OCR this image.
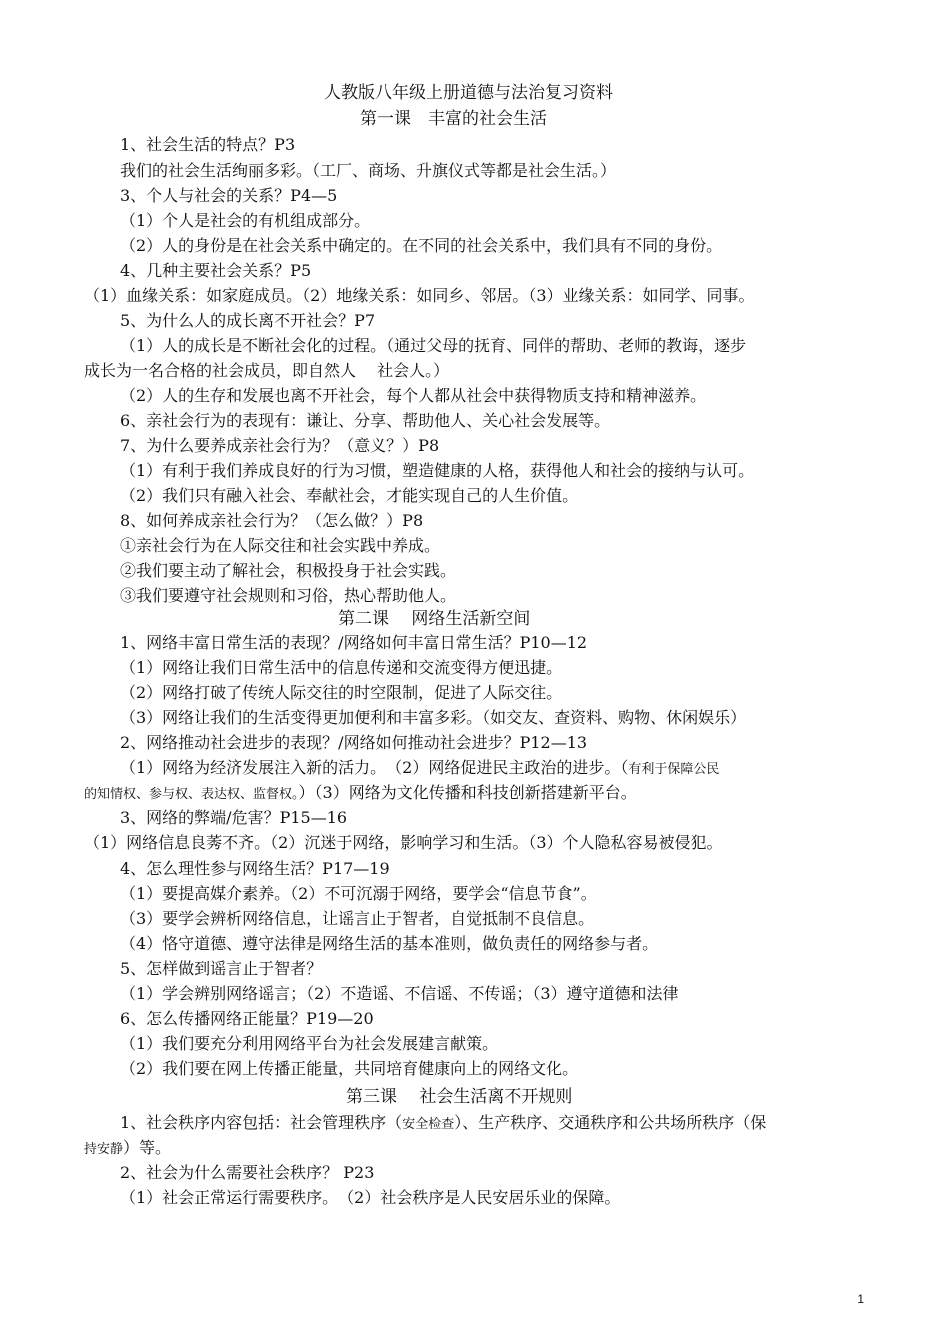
人教版八年级上册道德与法治复习资料
第一课　丰富的社会生活
1、社会生活的特点？P3
我们的社会生活绚丽多彩。（工厂、商场、升旗仪式等都是社会生活。）
3、个人与社会的关系？P4—5
（1）个人是社会的有机组成部分。
（2）人的身份是在社会关系中确定的。在不同的社会关系中，我们具有不同的身份。
4、几种主要社会关系？P5
（1）血缘关系：如家庭成员。（2）地缘关系：如同乡、邻居。（3）业缘关系：如同学、同事。
5、为什么人的成长离不开社会？P7
（1）人的成长是不断社会化的过程。（通过父母的抚育、同伴的帮助、老师的教诲，逐步
成长为一名合格的社会成员，即自然人　 社会人。）
（2）人的生存和发展也离不开社会，每个人都从社会中获得物质支持和精神滋养。
6、亲社会行为的表现有：谦让、分享、帮助他人、关心社会发展等。
7、为什么要养成亲社会行为？（意义？）P8
（1）有利于我们养成良好的行为习惯，塑造健康的人格，获得他人和社会的接纳与认可。
（2）我们只有融入社会、奉献社会，才能实现自己的人生价值。
8、如何养成亲社会行为？（怎么做？）P8
①亲社会行为在人际交往和社会实践中养成。
②我们要主动了解社会，积极投身于社会实践。
③我们要遵守社会规则和习俗，热心帮助他人。
第二课　 网络生活新空间
1、网络丰富日常生活的表现？/网络如何丰富日常生活？P10—12
（1）网络让我们日常生活中的信息传递和交流变得方便迅捷。
（2）网络打破了传统人际交往的时空限制，促进了人际交往。
（3）网络让我们的生活变得更加便利和丰富多彩。（如交友、查资料、购物、休闲娱乐）
2、网络推动社会进步的表现？/网络如何推动社会进步？P12—13
（1）网络为经济发展注入新的活力。　（2）网络促进民主政治的进步。（有利于保障公民
的知情权、参与权、表达权、监督权。）（3）网络为文化传播和科技创新搭建新平台。
3、网络的弊端/危害？P15—16
（1）网络信息良莠不齐。（2）沉迷于网络，影响学习和生活。（3）个人隐私容易被侵犯。
4、怎么理性参与网络生活？P17—19
（1）要提高媒介素养。（2）不可沉溺于网络，要学会“信息节食”。
（3）要学会辨析网络信息，让谣言止于智者，自觉抵制不良信息。
（4）恪守道德、遵守法律是网络生活的基本准则，做负责任的网络参与者。
5、怎样做到谣言止于智者？
（1）学会辨别网络谣言；（2）不造谣、不信谣、不传谣；（3）遵守道德和法律
6、怎么传播网络正能量？P19—20
（1）我们要充分利用网络平台为社会发展建言献策。
（2）我们要在网上传播正能量，共同培育健康向上的网络文化。
第三课　 社会生活离不开规则
1、社会秩序内容包括：社会管理秩序（安全检查）、生产秩序、交通秩序和公共场所秩序（保
持安静）等。
2、社会为什么需要社会秩序？ P23
（1）社会正常运行需要秩序。　（2）社会秩序是人民安居乐业的保障。
1
